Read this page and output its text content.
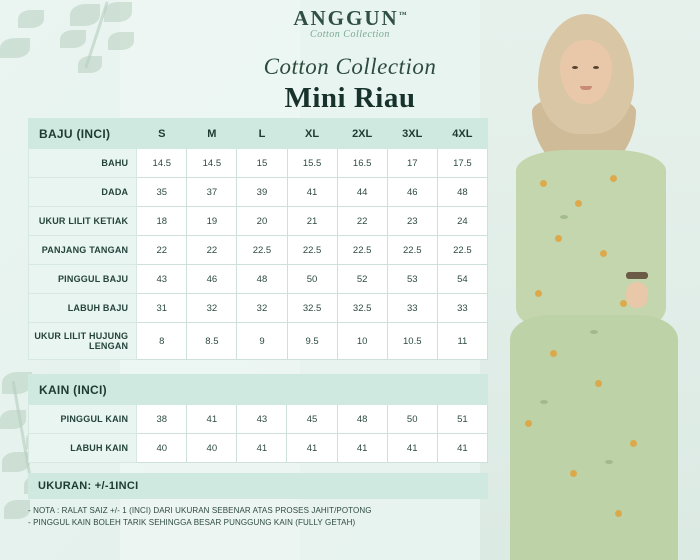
ANGGUN™
Cotton Collection
Cotton Collection
Mini Riau
BAJU (INCI)	S	M	L	XL	2XL	3XL	4XL
BAHU	14.5	14.5	15	15.5	16.5	17	17.5
DADA	35	37	39	41	44	46	48
UKUR LILIT KETIAK	18	19	20	21	22	23	24
PANJANG TANGAN	22	22	22.5	22.5	22.5	22.5	22.5
PINGGUL BAJU	43	46	48	50	52	53	54
LABUH BAJU	31	32	32	32.5	32.5	33	33
UKUR LILIT HUJUNG LENGAN	8	8.5	9	9.5	10	10.5	11
KAIN (INCI)							
PINGGUL KAIN	38	41	43	45	48	50	51
LABUH KAIN	40	40	41	41	41	41	41
UKURAN: +/-1INCI
- NOTA : RALAT SAIZ +/- 1 (INCI) DARI UKURAN SEBENAR ATAS PROSES JAHIT/POTONG
- PINGGUL KAIN BOLEH TARIK SEHINGGA BESAR PUNGGUNG KAIN (FULLY GETAH)
